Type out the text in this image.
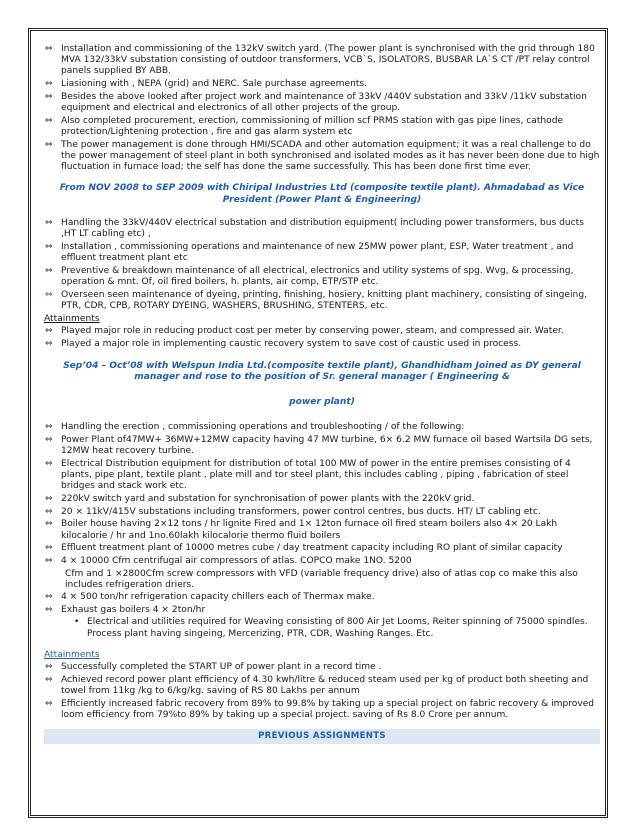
⇔ Installation and commissioning of the 132kV switch yard. (The power plant is synchronised with the grid through 180 MVA 132/33kV substation consisting of outdoor transformers, VCB`S, ISOLATORS, BUSBAR LA`S CT /PT relay control panels supplied BY ABB.
⇔ Liasioning with , NEPA (grid) and NERC. Sale purchase agreements.
⇔ Besides the above looked after project work and maintenance of 33kV /440V substation and 33kV /11kV substation equipment and electrical and electronics of all other projects of the group.
⇔ Also completed procurement, erection, commissioning of million scf PRMS station with gas pipe lines, cathode protection/Lightening protection , fire and gas alarm system etc
⇔ The power management is done through HMI/SCADA and other automation equipment; it was a real challenge to do the power management of steel plant in both synchronised and isolated modes as it has never been done due to high fluctuation in furnace load; the self has done the same successfully. This has been done first time ever.
From NOV 2008 to SEP 2009 with Chiripal Industries Ltd (composite textile plant). Ahmadabad as Vice President (Power Plant & Engineering)
⇔ Handling the 33kV/440V electrical substation and distribution equipment( including power transformers, bus ducts ,HT LT cabling etc) ,
⇔ Installation , commissioning operations and maintenance of new 25MW power plant, ESP, Water treatment , and effluent treatment plant etc
⇔ Preventive & breakdown maintenance of all electrical, electronics and utility systems of spg. Wvg, & processing, operation & mnt. Of, oil fired boilers, h. plants, air comp, ETP/STP etc.
⇔ Overseen seen maintenance of dyeing, printing, finishing, hosiery, knitting plant machinery, consisting of singeing, PTR, CDR, CPB, ROTARY DYEING, WASHERS, BRUSHING, STENTERS, etc.
Attainments
⇔ Played major role in reducing product cost per meter by conserving power, steam, and compressed air. Water.
⇔ Played a major role in implementing caustic recovery system to save cost of caustic used in process.
Sep’04 – Oct’08 with Welspun India Ltd.(composite textile plant), Ghandhidham Joined as DY general manager and rose to the position of Sr. general manager ( Engineering &
power plant)
⇔ Handling the erection , commissioning operations and troubleshooting / of the following:
⇔ Power Plant of47MW+ 36MW+12MW capacity having 47 MW turbine, 6× 6.2 MW furnace oil based Wartsila DG sets, 12MW heat recovery turbine.
⇔ Electrical Distribution equipment for distribution of total 100 MW of power in the entire premises consisting of 4 plants, pipe plant, textile plant , plate mill and tor steel plant, this includes cabling , piping , fabrication of steel bridges and stack work etc.
⇔ 220kV switch yard and substation for synchronisation of power plants with the 220kV grid.
⇔ 20 × 11kV/415V substations including transformers, power control centres, bus ducts. HT/ LT cabling etc.
⇔ Boiler house having 2×12 tons / hr lignite Fired and 1× 12ton furnace oil fired steam boilers also 4× 20 Lakh kilocalorie / hr and 1no.60lakh kilocalorie thermo fluid boilers
⇔ Effluent treatment plant of 10000 metres cube / day treatment capacity including RO plant of similar capacity
⇔ 4 × 10000 Cfm centrifugal air compressors of atlas. COPCO make 1NO. 5200
Cfm and 1 ×2800Cfm screw compressors with VFD (variable frequency drive) also of atlas cop co make this also includes refrigeration driers.
⇔ 4 × 500 ton/hr refrigeration capacity chillers each of Thermax make.
⇔ Exhaust gas boilers 4 × 2ton/hr
• Electrical and utilities required for Weaving consisting of 800 Air Jet Looms, Reiter spinning of 75000 spindles. Process plant having singeing, Mercerizing, PTR, CDR, Washing Ranges. Etc.
Attainments
⇔ Successfully completed the START UP of power plant in a record time .
⇔ Achieved record power plant efficiency of 4.30 kwh/litre & reduced steam used per kg of product both sheeting and towel from 11kg /kg to 6/kg/kg. saving of RS 80 Lakhs per annum
⇔ Efficiently increased fabric recovery from 89% to 99.8% by taking up a special project on fabric recovery & improved loom efficiency from 79%to 89% by taking up a special project. saving of Rs 8.0 Crore per annum.
PREVIOUS ASSIGNMENTS
